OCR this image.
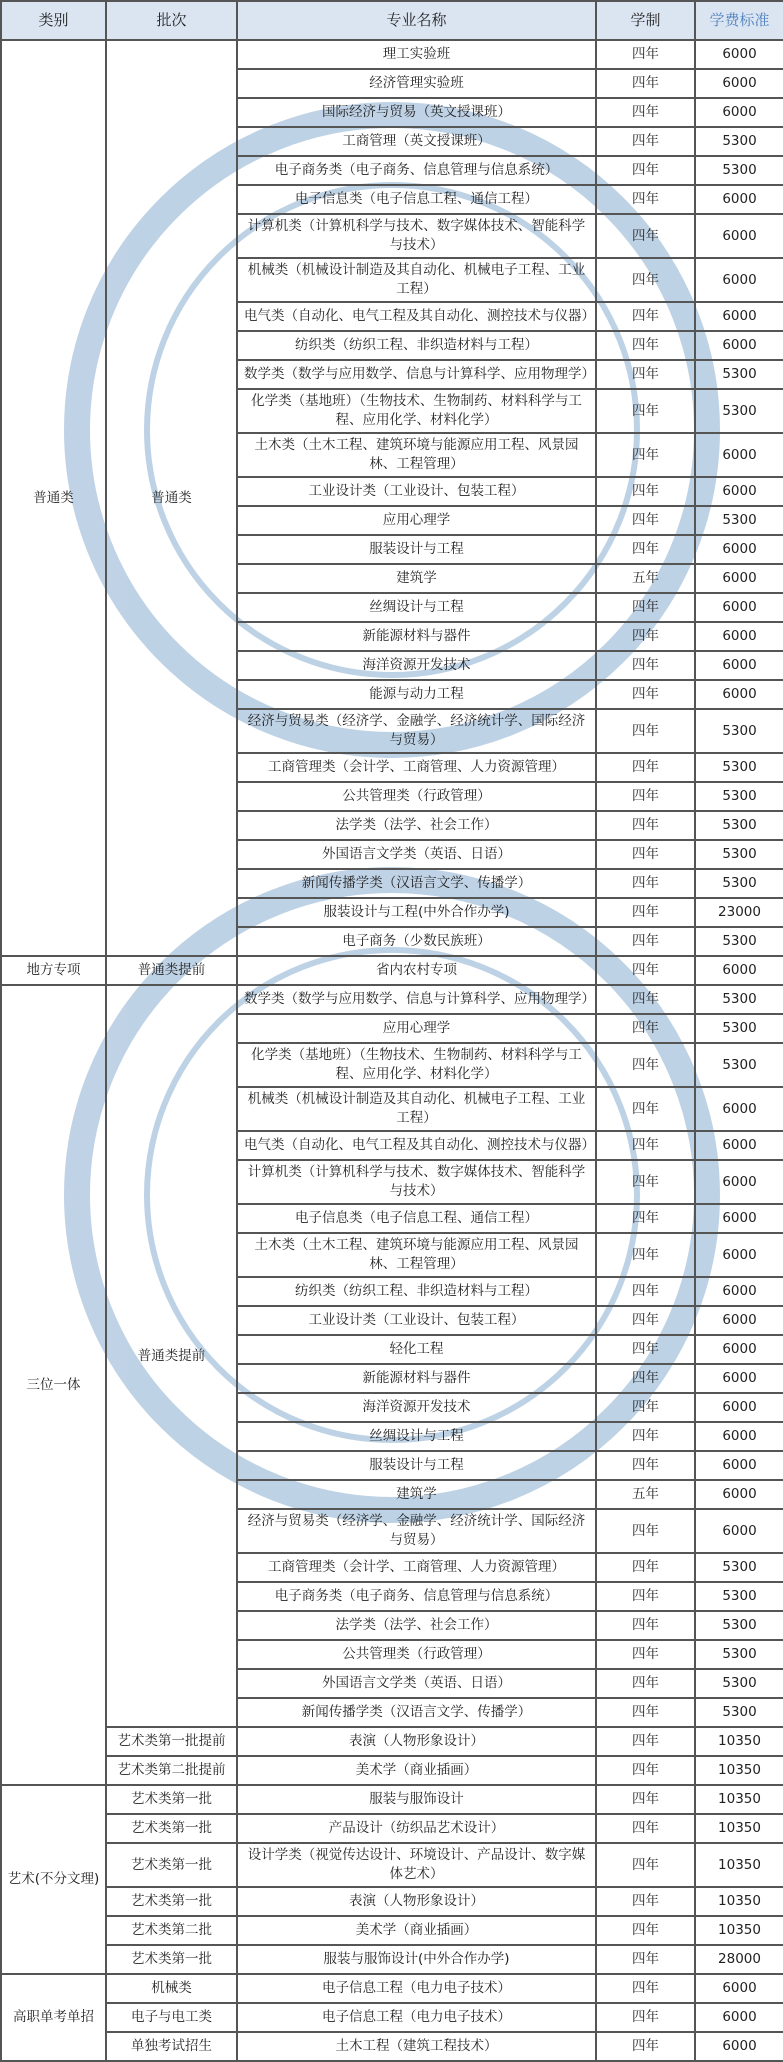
类别	批次	专业名称	学制	学费标准
普通类	普通类	理工实验班	四年	6000
		经济管理实验班	四年	6000
		国际经济与贸易（英文授课班）	四年	6000
		工商管理（英文授课班）	四年	5300
		电子商务类（电子商务、信息管理与信息系统）	四年	5300
		电子信息类（电子信息工程、通信工程）	四年	6000
		计算机类（计算机科学与技术、数字媒体技术、智能科学与技术）	四年	6000
		机械类（机械设计制造及其自动化、机械电子工程、工业工程）	四年	6000
		电气类（自动化、电气工程及其自动化、测控技术与仪器）	四年	6000
		纺织类（纺织工程、非织造材料与工程）	四年	6000
		数学类（数学与应用数学、信息与计算科学、应用物理学）	四年	5300
		化学类（基地班）（生物技术、生物制药、材料科学与工程、应用化学、材料化学）	四年	5300
		土木类（土木工程、建筑环境与能源应用工程、风景园林、工程管理）	四年	6000
		工业设计类（工业设计、包装工程）	四年	6000
		应用心理学	四年	5300
		服装设计与工程	四年	6000
		建筑学	五年	6000
		丝绸设计与工程	四年	6000
		新能源材料与器件	四年	6000
		海洋资源开发技术	四年	6000
		能源与动力工程	四年	6000
		经济与贸易类（经济学、金融学、经济统计学、国际经济与贸易）	四年	5300
		工商管理类（会计学、工商管理、人力资源管理）	四年	5300
		公共管理类（行政管理）	四年	5300
		法学类（法学、社会工作）	四年	5300
		外国语言文学类（英语、日语）	四年	5300
		新闻传播学类（汉语言文学、传播学）	四年	5300
		服装设计与工程(中外合作办学)	四年	23000
		电子商务（少数民族班）	四年	5300
地方专项	普通类提前	省内农村专项	四年	6000
三位一体	普通类提前	数学类（数学与应用数学、信息与计算科学、应用物理学）	四年	5300
		应用心理学	四年	5300
		化学类（基地班）（生物技术、生物制药、材料科学与工程、应用化学、材料化学）	四年	5300
		机械类（机械设计制造及其自动化、机械电子工程、工业工程）	四年	6000
		电气类（自动化、电气工程及其自动化、测控技术与仪器）	四年	6000
		计算机类（计算机科学与技术、数字媒体技术、智能科学与技术）	四年	6000
		电子信息类（电子信息工程、通信工程）	四年	6000
		土木类（土木工程、建筑环境与能源应用工程、风景园林、工程管理）	四年	6000
		纺织类（纺织工程、非织造材料与工程）	四年	6000
		工业设计类（工业设计、包装工程）	四年	6000
		轻化工程	四年	6000
		新能源材料与器件	四年	6000
		海洋资源开发技术	四年	6000
		丝绸设计与工程	四年	6000
		服装设计与工程	四年	6000
		建筑学	五年	6000
		经济与贸易类（经济学、金融学、经济统计学、国际经济与贸易）	四年	6000
		工商管理类（会计学、工商管理、人力资源管理）	四年	5300
		电子商务类（电子商务、信息管理与信息系统）	四年	5300
		法学类（法学、社会工作）	四年	5300
		公共管理类（行政管理）	四年	5300
		外国语言文学类（英语、日语）	四年	5300
		新闻传播学类（汉语言文学、传播学）	四年	5300
	艺术类第一批提前	表演（人物形象设计）	四年	10350
	艺术类第二批提前	美术学（商业插画）	四年	10350
艺术(不分文理)	艺术类第一批	服装与服饰设计	四年	10350
	艺术类第一批	产品设计（纺织品艺术设计）	四年	10350
	艺术类第一批	设计学类（视觉传达设计、环境设计、产品设计、数字媒体艺术）	四年	10350
	艺术类第一批	表演（人物形象设计）	四年	10350
	艺术类第二批	美术学（商业插画）	四年	10350
	艺术类第一批	服装与服饰设计(中外合作办学)	四年	28000
高职单考单招	机械类	电子信息工程（电力电子技术）	四年	6000
	电子与电工类	电子信息工程（电力电子技术）	四年	6000
	单独考试招生	土木工程（建筑工程技术）	四年	6000
